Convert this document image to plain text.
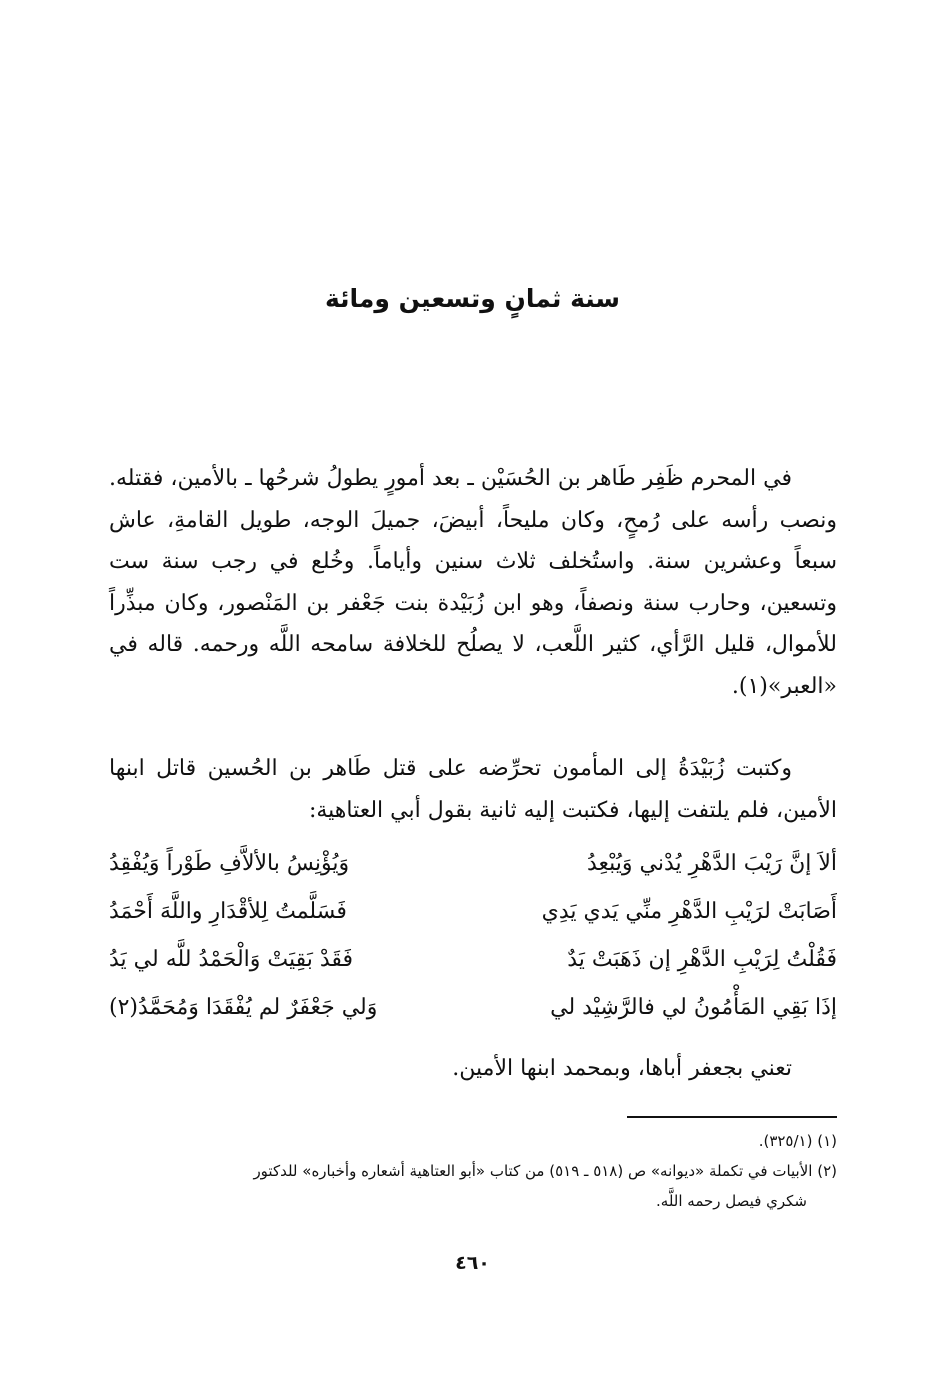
سنة ثمانٍ وتسعين ومائة

في المحرم ظَفِر طَاهر بن الحُسَيْن ـ بعد أمورٍ يطولُ شرحُها ـ بالأمين، فقتله. ونصب رأسه على رُمحٍ، وكان مليحاً، أبيضَ، جميلَ الوجه، طويل القامةِ، عاش سبعاً وعشرين سنة. واستُخلف ثلاث سنين وأياماً. وخُلع في رجب سنة ست وتسعين، وحارب سنة ونصفاً، وهو ابن زُبَيْدة بنت جَعْفر بن المَنْصور، وكان مبذِّراً للأموال، قليل الرَّأي، كثير اللَّعب، لا يصلُح للخلافة سامحه اللَّه ورحمه. قاله في «العبر»(١).

وكتبت زُبَيْدَةُ إلى المأمون تحرِّضه على قتل طَاهر بن الحُسين قاتل ابنها الأمين، فلم يلتفت إليها، فكتبت إليه ثانية بقول أبي العتاهية:

ألاَ إنَّ رَيْبَ الدَّهْرِ يُدْني وَيُبْعِدُ
وَيُؤْنِسُ بالألاَّفِ طَوْراً وَيُفْقِدُ
أَصَابَتْ لرَيْبِ الدَّهْرِ منِّي يَدي يَدِي
فَسَلَّمتُ لِلأقْدَارِ واللَّهَ أَحْمَدُ
فَقُلْتُ لِرَيْبِ الدَّهْرِ إن ذَهَبَتْ يَدٌ
فَقَدْ بَقِيَتْ وَالْحَمْدُ للَّه لي يَدُ
إذَا بَقِي المَأْمُونُ لي فالرَّشِيْد لي
وَلي جَعْفَرٌ لم يُفْقَدَا وَمُحَمَّدُ(٢)

تعني بجعفر أباها، وبمحمد ابنها الأمين.

(١) (٣٢٥/١).

(٢) الأبيات في تكملة «ديوانه» ص (٥١٨ ـ ٥١٩) من كتاب «أبو العتاهية أشعاره وأخباره» للدكتور

شكري فيصل رحمه اللَّه.

٤٦٠
